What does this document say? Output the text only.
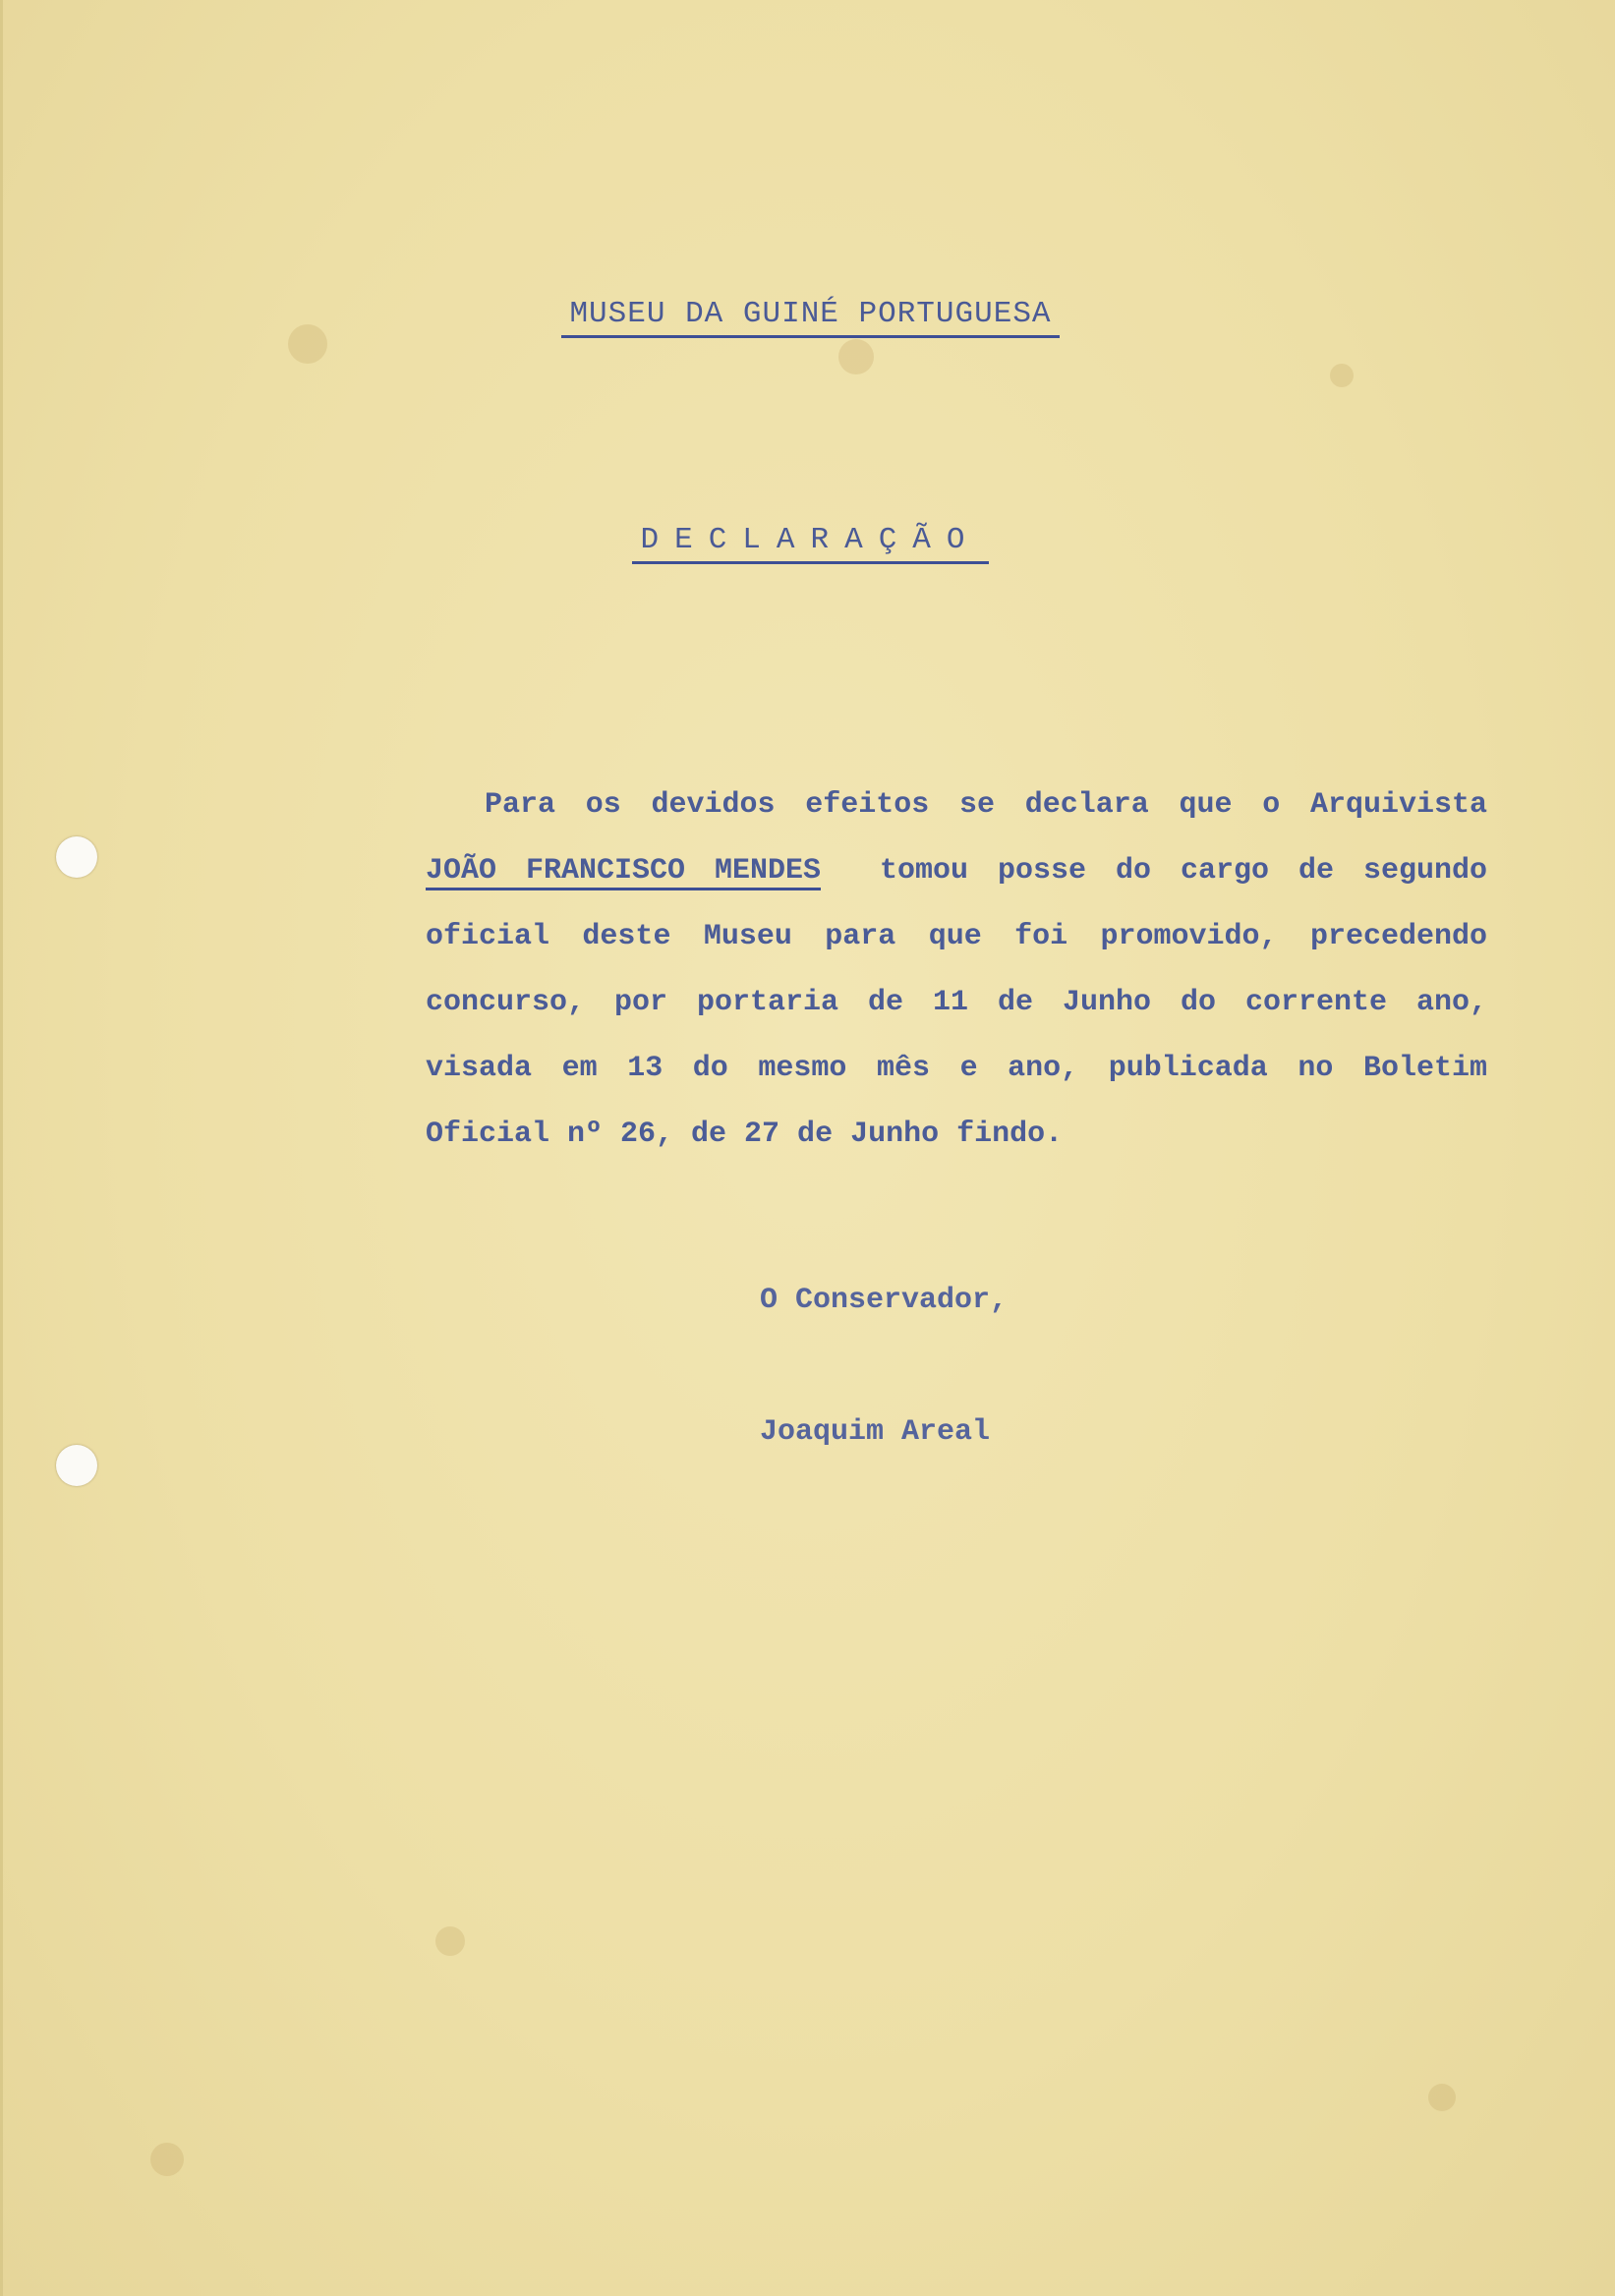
MUSEU DA GUINÉ PORTUGUESA
DECLARAÇÃO
Para os devidos efeitos se declara que o Arquivista
JOÃO FRANCISCO MENDES tomou posse do cargo de segundo
oficial deste Museu para que foi promovido, precedendo
concurso, por portaria de 11 de Junho do corrente ano,
visada em 13 do mesmo mês e ano, publicada no Boletim
Oficial nº 26, de 27 de Junho findo.
O Conservador,
Joaquim Areal
